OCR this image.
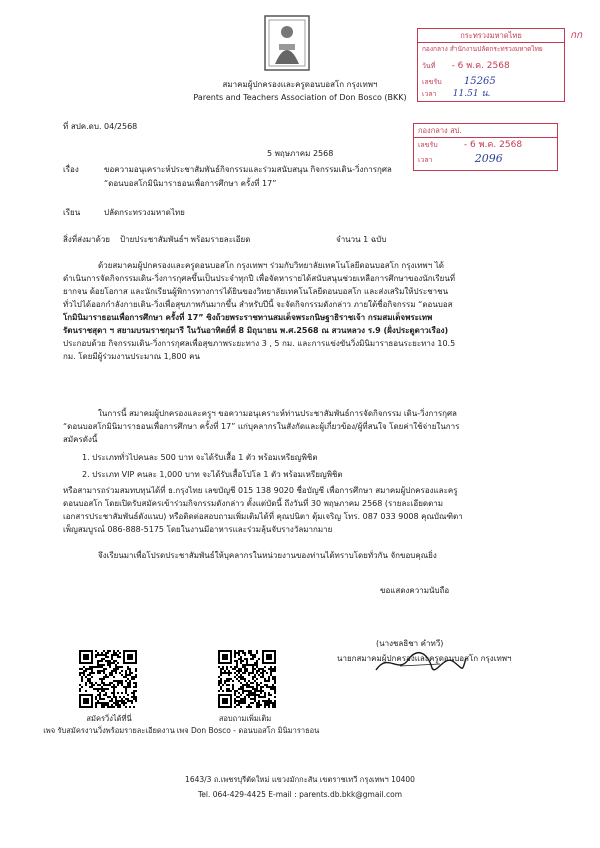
สมาคมผู้ปกครองและครูดอนบอสโก กรุงเทพฯ
Parents and Teachers Association of Don Bosco (BKK)
กระทรวงมหาดไทย
กองกลาง สำนักงานปลัดกระทรวงมหาดไทย
วันที่ - 6 พ.ค. 2568
เลขรับ 15265
เวลา 11.51 น.
กก
กองกลาง สป.
เลขรับ	- 6 พ.ค. 2568
เวลา	2096
ที่ สปค.ดบ. 04/2568
5 พฤษภาคม 2568
เรื่อง	ขอความอนุเคราะห์ประชาสัมพันธ์กิจกรรมและร่วมสนับสนุน กิจกรรมเดิน-วิ่งการกุศล
“ดอนบอสโกมินิมาราธอนเพื่อการศึกษา ครั้งที่ 17”
เรียน	ปลัดกระทรวงมหาดไทย
สิ่งที่ส่งมาด้วย ป้ายประชาสัมพันธ์ฯ พร้อมรายละเอียด	จำนวน 1 ฉบับ
ด้วยสมาคมผู้ปกครองและครูดอนบอสโก กรุงเทพฯ ร่วมกับวิทยาลัยเทคโนโลยีดอนบอสโก กรุงเทพฯ ได้
ดำเนินการจัดกิจกรรมเดิน-วิ่งการกุศลขึ้นเป็นประจำทุกปี เพื่อจัดหารายได้สนับสนุนช่วยเหลือการศึกษาของนักเรียนที่
ยากจน ด้อยโอกาส และนักเรียนผู้พิการทางการได้ยินของวิทยาลัยเทคโนโลยีดอนบอสโก และส่งเสริมให้ประชาชน
ทั่วไปได้ออกกำลังกายเดิน-วิ่งเพื่อสุขภาพกันมากขึ้น สำหรับปีนี้ จะจัดกิจกรรมดังกล่าว ภายใต้ชื่อกิจกรรม “ดอนบอส
โกมินิมาราธอนเพื่อการศึกษา ครั้งที่ 17” ซิงถ้วยพระราชทานสมเด็จพระกนิษฐาธิราชเจ้า กรมสมเด็จพระเทพ
รัตนราชสุดา ฯ สยามบรมราชกุมารี ในวันอาทิตย์ที่ 8 มิถุนายน พ.ศ.2568 ณ สวนหลวง ร.9 (ฝั่งประตูดาวเรือง)
ประกอบด้วย กิจกรรมเดิน-วิ่งการกุศลเพื่อสุขภาพระยะทาง 3 , 5 กม. และการแข่งขันวิ่งมินิมาราธอนระยะทาง 10.5
กม. โดยมีผู้ร่วมงานประมาณ 1,800 คน
ในการนี้ สมาคมผู้ปกครองและครูฯ ขอความอนุเคราะห์ท่านประชาสัมพันธ์การจัดกิจกรรม เดิน-วิ่งการกุศล
“ดอนบอสโกมินิมาราธอนเพื่อการศึกษา ครั้งที่ 17” แก่บุคลากรในสังกัดและผู้เกี่ยวข้อง/ผู้ที่สนใจ โดยค่าใช้จ่ายในการ
สมัครดังนี้
1. ประเภททั่วไปคนละ 500 บาท จะได้รับเสื้อ 1 ตัว พร้อมเหรียญพิชิต
2. ประเภท VIP คนละ 1,000 บาท จะได้รับเสื้อโปโล 1 ตัว พร้อมเหรียญพิชิต
หรือสามารถร่วมสมทบทุนได้ที่ ธ.กรุงไทย เลขบัญชี 015 138 9020 ชื่อบัญชี เพื่อการศึกษา สมาคมผู้ปกครองและครู
ดอนบอสโก โดยเปิดรับสมัครเข้าร่วมกิจกรรมดังกล่าว ตั้งแต่บัดนี้ ถึงวันที่ 30 พฤษภาคม 2568 (รายละเอียดตาม
เอกสารประชาสัมพันธ์ดังแนบ) หรือติดต่อสอบถามเพิ่มเติมได้ที่ คุณปนิตา ตุ้มเจริญ โทร. 087 033 9008 คุณบัณฑิตา
เพ็ญสมบูรณ์ 086-888-5175 โดยในงานมีอาหารและร่วมลุ้นจับรางวัลมากมาย
จึงเรียนมาเพื่อโปรดประชาสัมพันธ์ให้บุคลากรในหน่วยงานของท่านได้ทราบโดยทั่วกัน จักขอบคุณยิ่ง
ขอแสดงความนับถือ
(นางชลธิชา คำทวี)
นายกสมาคมผู้ปกครองและครูดอนบอสโก กรุงเทพฯ
สมัครวิ่งได้ที่นี่
เพจ รับสมัครงานวิ่งพร้อมรายละเอียดงาน
สอบถามเพิ่มเติม
เพจ Don Bosco - ดอนบอสโก มินิมาราธอน
1643/3 ถ.เพชรบุรีตัดใหม่ แขวงมักกะสัน เขตราชเทวี กรุงเทพฯ 10400
Tel. 064-429-4425 E-mail : parents.db.bkk@gmail.com
